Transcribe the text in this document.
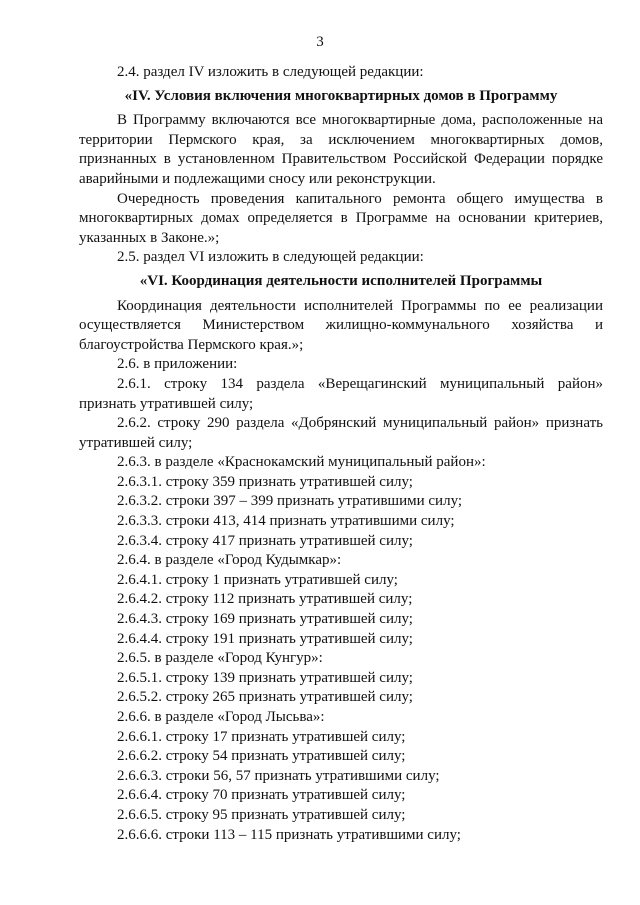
3

2.4. раздел IV изложить в следующей редакции:

«IV. Условия включения многоквартирных домов в Программу

В Программу включаются все многоквартирные дома, расположенные на территории Пермского края, за исключением многоквартирных домов, признанных в установленном Правительством Российской Федерации порядке аварийными и подлежащими сносу или реконструкции.

Очередность проведения капитального ремонта общего имущества в многоквартирных домах определяется в Программе на основании критериев, указанных в Законе.»;

2.5. раздел VI изложить в следующей редакции:

«VI. Координация деятельности исполнителей Программы

Координация деятельности исполнителей Программы по ее реализации осуществляется Министерством жилищно-коммунального хозяйства и благоустройства Пермского края.»;

2.6. в приложении:

2.6.1. строку 134 раздела «Верещагинский муниципальный район» признать утратившей силу;

2.6.2. строку 290 раздела «Добрянский муниципальный район» признать утратившей силу;

2.6.3. в разделе «Краснокамский муниципальный район»:

2.6.3.1. строку 359 признать утратившей силу;

2.6.3.2. строки 397 – 399 признать утратившими силу;

2.6.3.3. строки 413, 414 признать утратившими силу;

2.6.3.4. строку 417 признать утратившей силу;

2.6.4. в разделе «Город Кудымкар»:

2.6.4.1. строку 1 признать утратившей силу;

2.6.4.2. строку 112 признать утратившей силу;

2.6.4.3. строку 169 признать утратившей силу;

2.6.4.4. строку 191 признать утратившей силу;

2.6.5. в разделе «Город Кунгур»:

2.6.5.1. строку 139 признать утратившей силу;

2.6.5.2. строку 265 признать утратившей силу;

2.6.6. в разделе «Город Лысьва»:

2.6.6.1. строку 17 признать утратившей силу;

2.6.6.2. строку 54 признать утратившей силу;

2.6.6.3. строки 56, 57 признать утратившими силу;

2.6.6.4. строку 70 признать утратившей силу;

2.6.6.5. строку 95 признать утратившей силу;

2.6.6.6. строки 113 – 115 признать утратившими силу;
